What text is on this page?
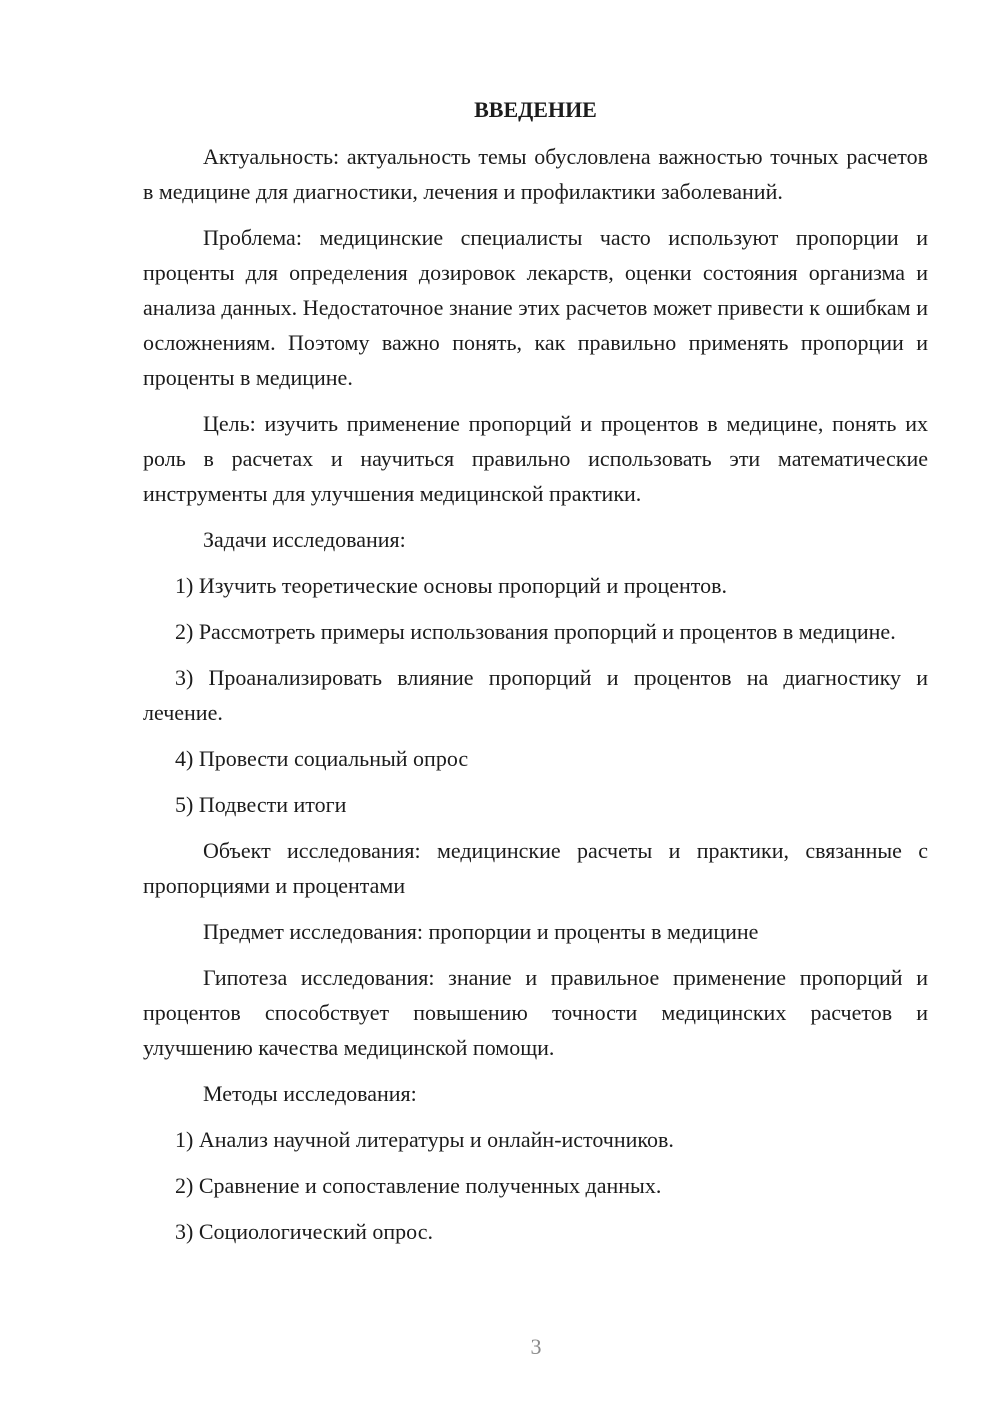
ВВЕДЕНИЕ

Актуальность: актуальность темы обусловлена важностью точных расчетов в медицине для диагностики, лечения и профилактики заболеваний.

Проблема: медицинские специалисты часто используют пропорции и проценты для определения дозировок лекарств, оценки состояния организма и анализа данных. Недостаточное знание этих расчетов может привести к ошибкам и осложнениям. Поэтому важно понять, как правильно применять пропорции и проценты в медицине.

Цель: изучить применение пропорций и процентов в медицине, понять их роль в расчетах и научиться правильно использовать эти математические инструменты для улучшения медицинской практики.

Задачи исследования:

1) Изучить теоретические основы пропорций и процентов.

2) Рассмотреть примеры использования пропорций и процентов в медицине.

3) Проанализировать влияние пропорций и процентов на диагностику и лечение.

4) Провести социальный опрос

5) Подвести итоги

Объект исследования: медицинские расчеты и практики, связанные с пропорциями и процентами

Предмет исследования: пропорции и проценты в медицине

Гипотеза исследования: знание и правильное применение пропорций и процентов способствует повышению точности медицинских расчетов и улучшению качества медицинской помощи.

Методы исследования:

1) Анализ научной литературы и онлайн-источников.

2) Сравнение и сопоставление полученных данных.

3) Социологический опрос.

3
